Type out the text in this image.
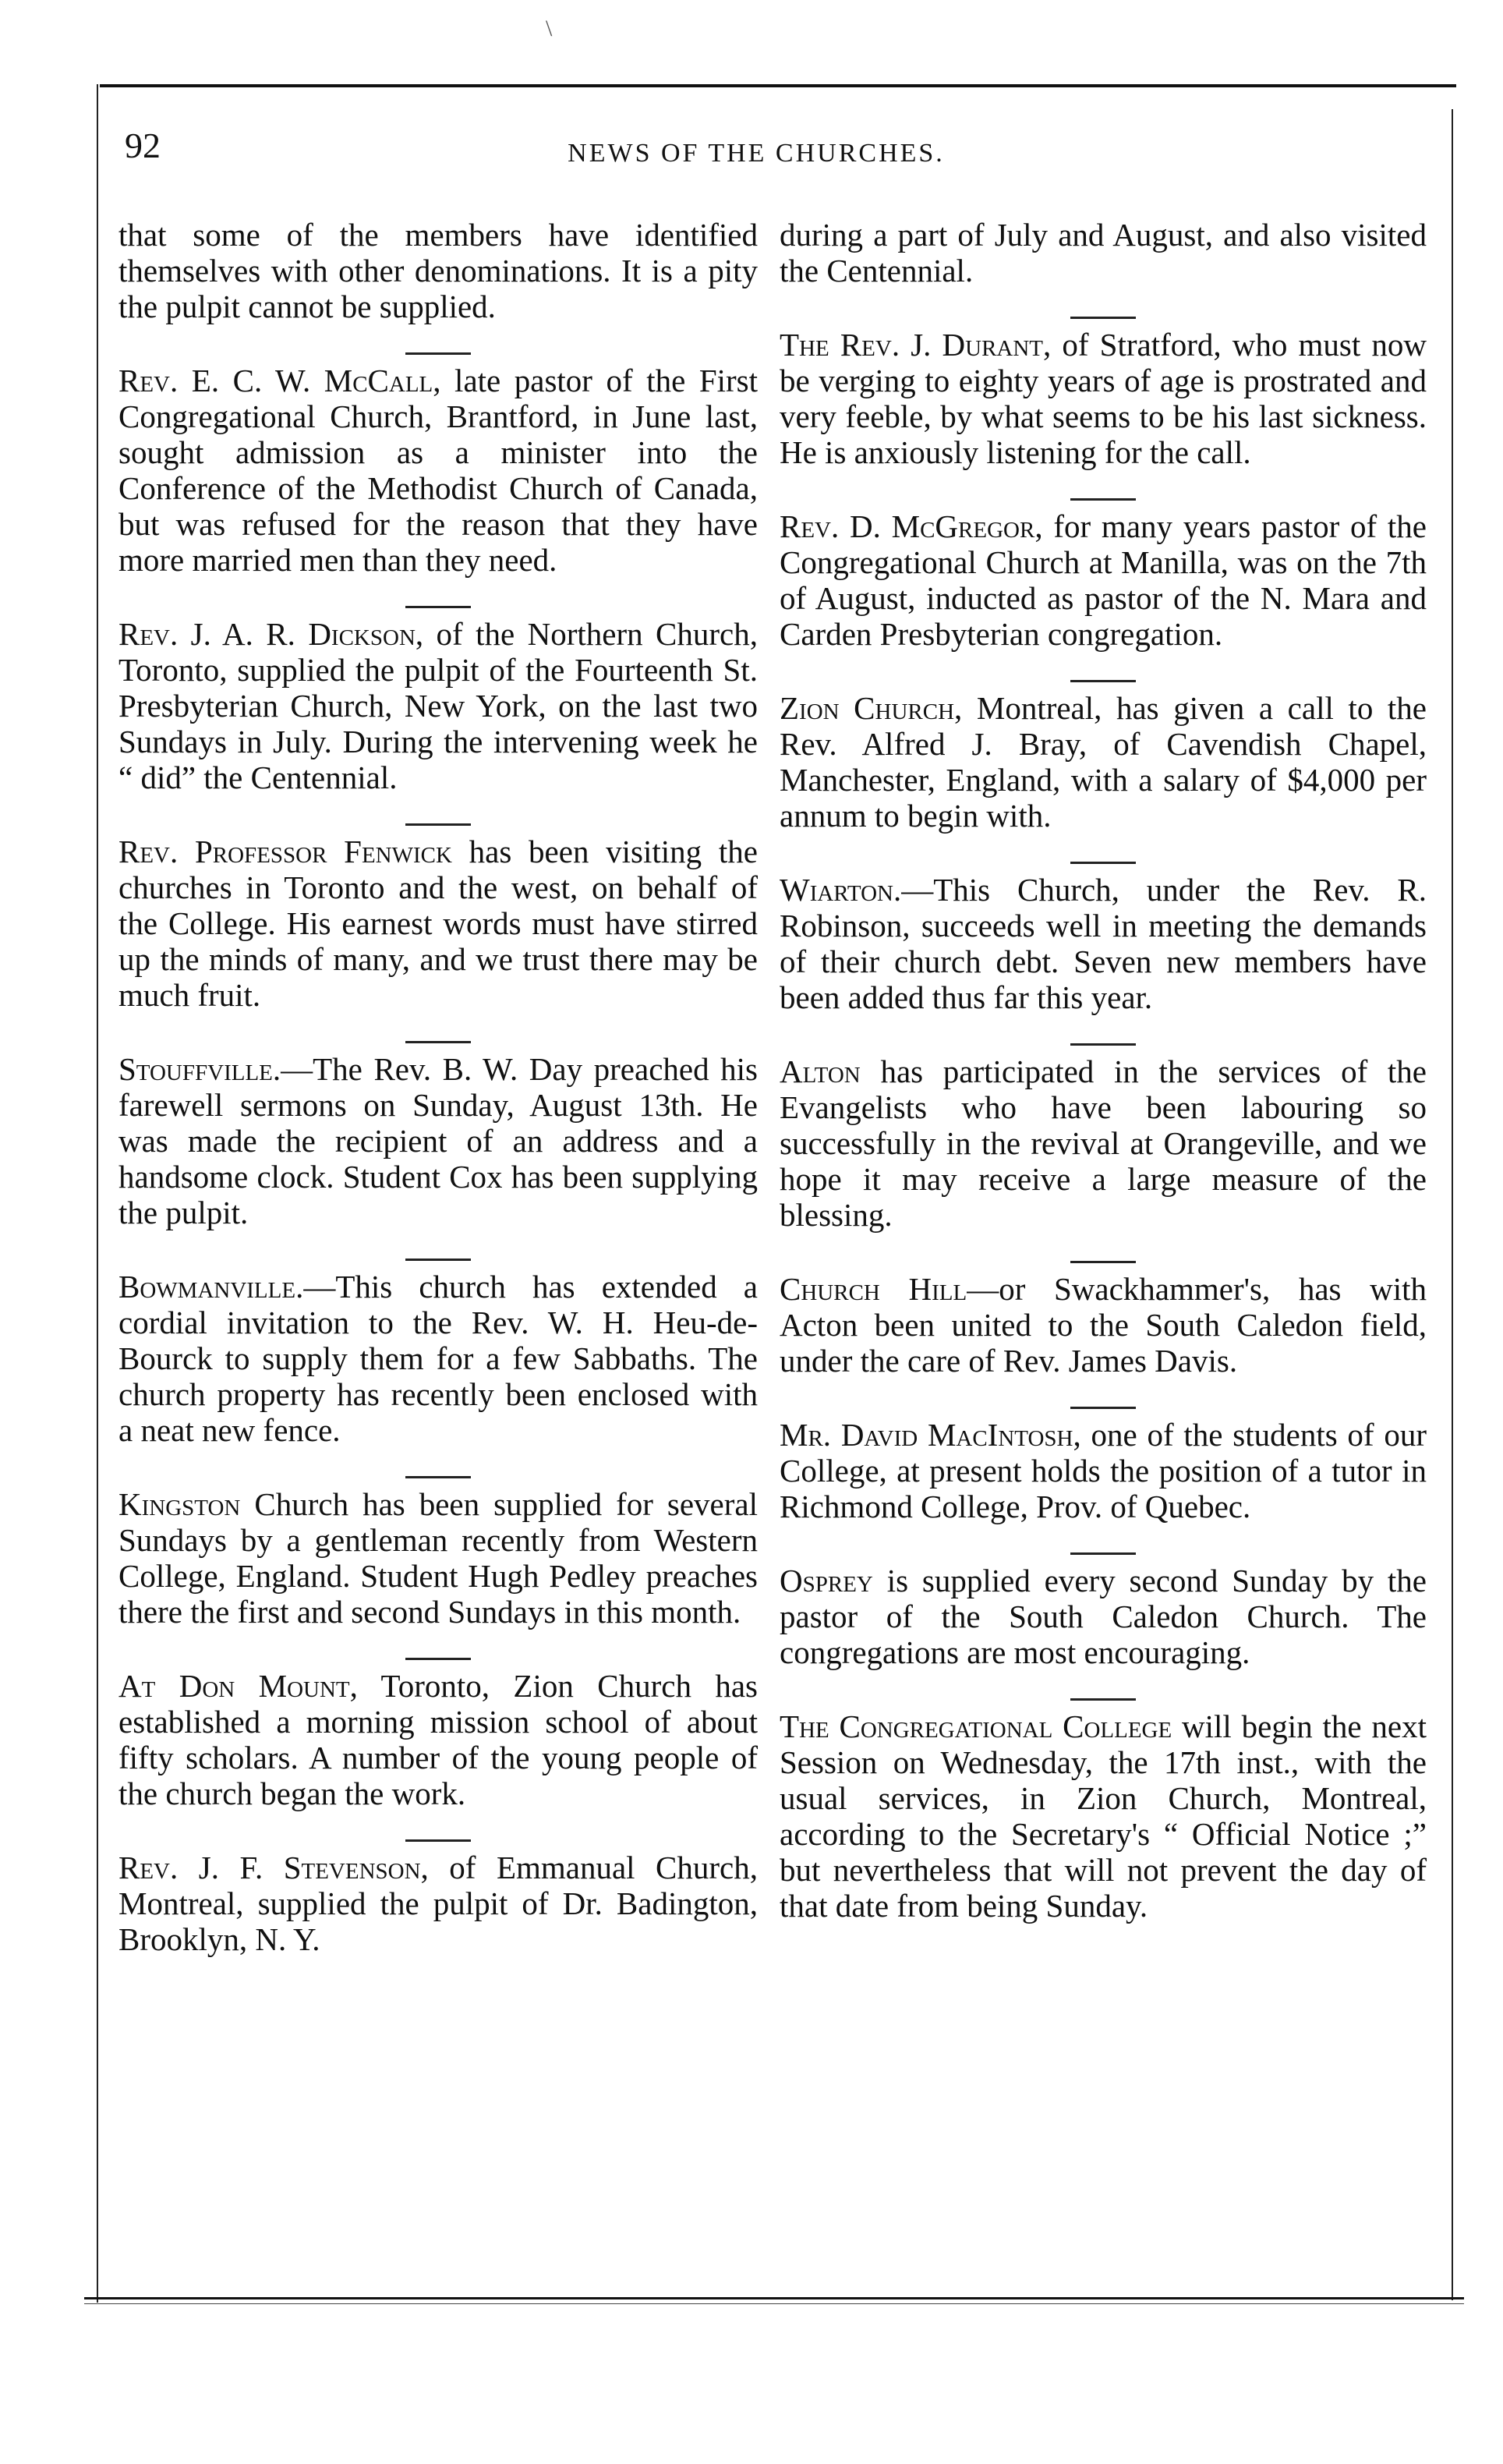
\
92	NEWS OF THE CHURCHES.

that some of the members have identified themselves with other denominations. It is a pity the pulpit cannot be supplied.

Rev. E. C. W. McCall, late pastor of the First Congregational Church, Brantford, in June last, sought admission as a minister into the Conference of the Methodist Church of Canada, but was refused for the reason that they have more married men than they need.

Rev. J. A. R. Dickson, of the Northern Church, Toronto, supplied the pulpit of the Fourteenth St. Presbyterian Church, New York, on the last two Sundays in July. During the intervening week he “ did” the Centennial.

Rev. Professor Fenwick has been visiting the churches in Toronto and the west, on behalf of the College. His earnest words must have stirred up the minds of many, and we trust there may be much fruit.

Stouffville.—The Rev. B. W. Day preached his farewell sermons on Sunday, August 13th. He was made the recipient of an address and a handsome clock. Student Cox has been supplying the pulpit.

Bowmanville.—This church has extended a cordial invitation to the Rev. W. H. Heu-de-Bourck to supply them for a few Sabbaths. The church property has recently been enclosed with a neat new fence.

Kingston Church has been supplied for several Sundays by a gentleman recently from Western College, England. Student Hugh Pedley preaches there the first and second Sundays in this month.

At Don Mount, Toronto, Zion Church has established a morning mission school of about fifty scholars. A number of the young people of the church began the work.

Rev. J. F. Stevenson, of Emmanual Church, Montreal, supplied the pulpit of Dr. Badington, Brooklyn, N. Y.

during a part of July and August, and also visited the Centennial.

The Rev. J. Durant, of Stratford, who must now be verging to eighty years of age is prostrated and very feeble, by what seems to be his last sickness. He is anxiously listening for the call.

Rev. D. McGregor, for many years pastor of the Congregational Church at Manilla, was on the 7th of August, inducted as pastor of the N. Mara and Carden Presbyterian congregation.

Zion Church, Montreal, has given a call to the Rev. Alfred J. Bray, of Cavendish Chapel, Manchester, England, with a salary of $4,000 per annum to begin with.

Wiarton.—This Church, under the Rev. R. Robinson, succeeds well in meeting the demands of their church debt. Seven new members have been added thus far this year.

Alton has participated in the services of the Evangelists who have been labouring so successfully in the revival at Orangeville, and we hope it may receive a large measure of the blessing.

Church Hill—or Swackhammer's, has with Acton been united to the South Caledon field, under the care of Rev. James Davis.

Mr. David MacIntosh, one of the students of our College, at present holds the position of a tutor in Richmond College, Prov. of Quebec.

Osprey is supplied every second Sunday by the pastor of the South Caledon Church. The congregations are most encouraging.

The Congregational College will begin the next Session on Wednesday, the 17th inst., with the usual services, in Zion Church, Montreal, according to the Secretary's “ Official Notice ;” but nevertheless that will not prevent the day of that date from being Sunday.
